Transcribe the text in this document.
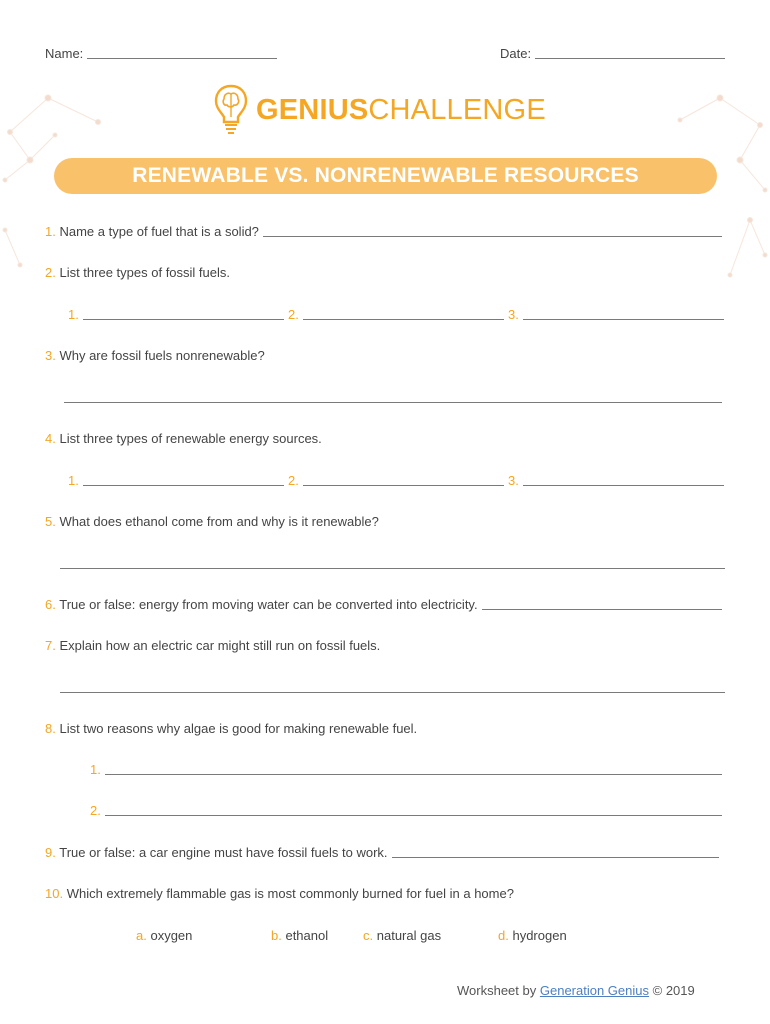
Name:	Date:
GENIUSCHALLENGE
RENEWABLE VS. NONRENEWABLE RESOURCES
1. Name a type of fuel that is a solid?
2. List three types of fossil fuels.
1.	2.	3.
3. Why are fossil fuels nonrenewable?
4. List three types of renewable energy sources.
1.	2.	3.
5. What does ethanol come from and why is it renewable?
6. True or false: energy from moving water can be converted into electricity.
7. Explain how an electric car might still run on fossil fuels.
8. List two reasons why algae is good for making renewable fuel.
1.
2.
9. True or false: a car engine must have fossil fuels to work.
10. Which extremely flammable gas is most commonly burned for fuel in a home?
a. oxygen	b. ethanol	c. natural gas	d. hydrogen
Worksheet by Generation Genius © 2019
